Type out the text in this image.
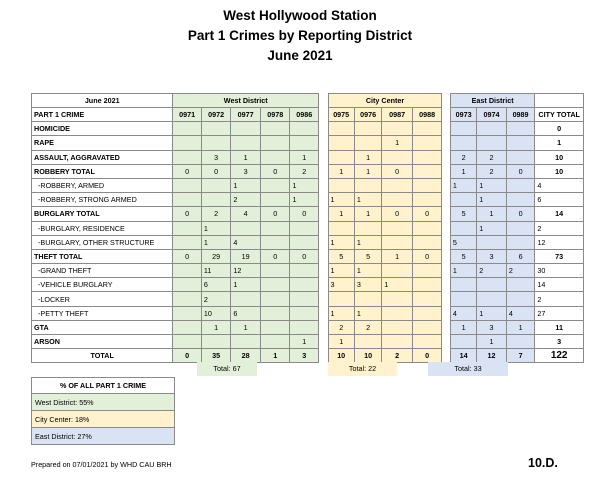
West Hollywood Station
Part 1 Crimes by Reporting District
June 2021
June 2021	West District						City Center					East District			
PART 1 CRIME	0971	0972	0977	0978	0986		0975	0976	0987	0988		0973	0974	0989	CITY TOTAL
HOMICIDE															0
RAPE									1						1
ASSAULT, AGGRAVATED		3	1		1			1				2	2		10
ROBBERY TOTAL	0	0	3	0	2		1	1	0			1	2	0	10
-ROBBERY, ARMED			1		1							1	1		4
-ROBBERY, STRONG ARMED			2		1		1	1					1		6
BURGLARY TOTAL	0	2	4	0	0		1	1	0	0		5	1	0	14
-BURGLARY, RESIDENCE		1											1		2
-BURGLARY, OTHER STRUCTURE		1	4				1	1				5			12
THEFT TOTAL	0	29	19	0	0		5	5	1	0		5	3	6	73
-GRAND THEFT		11	12				1	1				1	2	2	30
-VEHICLE BURGLARY		6	1				3	3	1						14
-LOCKER		2													2
-PETTY THEFT		10	6				1	1				4	1	4	27
GTA		1	1				2	2				1	3	1	11
ARSON					1		1						1		3
TOTAL	0	35	28	1	3		10	10	2	0		14	12	7	122
Total: 67	Total: 22	Total: 33
% OF ALL PART 1 CRIME
West District: 55%
City Center: 18%
East District: 27%
Prepared on 07/01/2021 by WHD CAU BRH	10.D.
